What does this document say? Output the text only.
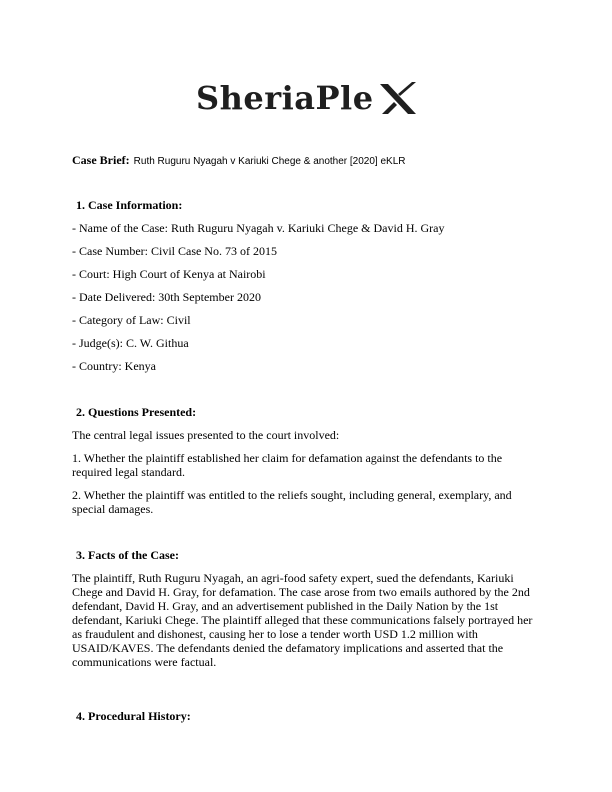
SheriaPle
Case Brief: Ruth Ruguru Nyagah v Kariuki Chege & another [2020] eKLR
1. Case Information:
- Name of the Case: Ruth Ruguru Nyagah v. Kariuki Chege & David H. Gray
- Case Number: Civil Case No. 73 of 2015
- Court: High Court of Kenya at Nairobi
- Date Delivered: 30th September 2020
- Category of Law: Civil
- Judge(s): C. W. Githua
- Country: Kenya
2. Questions Presented:
The central legal issues presented to the court involved:
1. Whether the plaintiff established her claim for defamation against the defendants to the required legal standard.
2. Whether the plaintiff was entitled to the reliefs sought, including general, exemplary, and special damages.
3. Facts of the Case:
The plaintiff, Ruth Ruguru Nyagah, an agri-food safety expert, sued the defendants, Kariuki Chege and David H. Gray, for defamation. The case arose from two emails authored by the 2nd defendant, David H. Gray, and an advertisement published in the Daily Nation by the 1st defendant, Kariuki Chege. The plaintiff alleged that these communications falsely portrayed her as fraudulent and dishonest, causing her to lose a tender worth USD 1.2 million with USAID/KAVES. The defendants denied the defamatory implications and asserted that the communications were factual.
4. Procedural History:
